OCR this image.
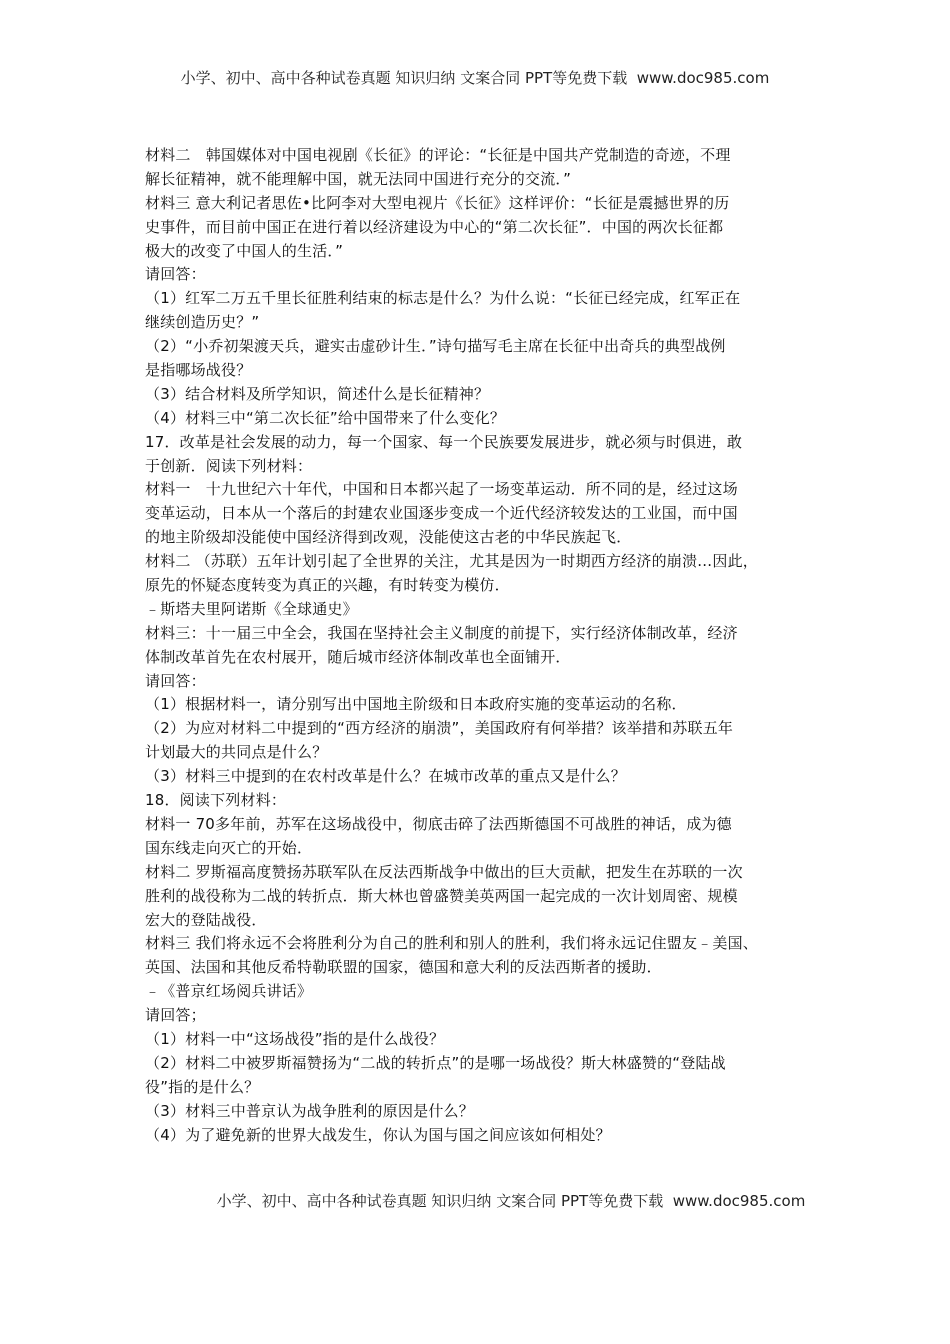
小学、初中、高中各种试卷真题 知识归纳 文案合同 PPT等免费下载  www.doc985.com
材料二　韩国媒体对中国电视剧《长征》的评论：“长征是中国共产党制造的奇迹，不理
解长征精神，就不能理解中国，就无法同中国进行充分的交流．”
材料三 意大利记者思佐•比阿李对大型电视片《长征》这样评价：“长征是震撼世界的历
史事件，而目前中国正在进行着以经济建设为中心的“第二次长征”．中国的两次长征都
极大的改变了中国人的生活．”
请回答：
（1）红军二万五千里长征胜利结束的标志是什么？为什么说：“长征已经完成，红军正在
继续创造历史？”
（2）“小乔初架渡天兵，避实击虚砂计生．”诗句描写毛主席在长征中出奇兵的典型战例
是指哪场战役？
（3）结合材料及所学知识，简述什么是长征精神？
（4）材料三中“第二次长征”给中国带来了什么变化？
17．改革是社会发展的动力，每一个国家、每一个民族要发展进步，就必须与时俱进，敢
于创新．阅读下列材料：
材料一　十九世纪六十年代，中国和日本都兴起了一场变革运动．所不同的是，经过这场
变革运动，日本从一个落后的封建农业国逐步变成一个近代经济较发达的工业国，而中国
的地主阶级却没能使中国经济得到改观，没能使这古老的中华民族起飞．
材料二 （苏联）五年计划引起了全世界的关注，尤其是因为一时期西方经济的崩溃…因此，
原先的怀疑态度转变为真正的兴趣，有时转变为模仿．
﹣斯塔夫里阿诺斯《全球通史》
材料三：十一届三中全会，我国在坚持社会主义制度的前提下，实行经济体制改革，经济
体制改革首先在农村展开，随后城市经济体制改革也全面铺开．
请回答：
（1）根据材料一，请分别写出中国地主阶级和日本政府实施的变革运动的名称．
（2）为应对材料二中提到的“西方经济的崩溃”，美国政府有何举措？该举措和苏联五年
计划最大的共同点是什么？
（3）材料三中提到的在农村改革是什么？在城市改革的重点又是什么？
18．阅读下列材料：
材料一 70多年前，苏军在这场战役中，彻底击碎了法西斯德国不可战胜的神话，成为德
国东线走向灭亡的开始．
材料二 罗斯福高度赞扬苏联军队在反法西斯战争中做出的巨大贡献，把发生在苏联的一次
胜利的战役称为二战的转折点．斯大林也曾盛赞美英两国一起完成的一次计划周密、规模
宏大的登陆战役．
材料三 我们将永远不会将胜利分为自己的胜利和别人的胜利，我们将永远记住盟友﹣美国、
英国、法国和其他反希特勒联盟的国家，德国和意大利的反法西斯者的援助．
﹣《普京红场阅兵讲话》
请回答；
（1）材料一中“这场战役”指的是什么战役？
（2）材料二中被罗斯福赞扬为“二战的转折点”的是哪一场战役？斯大林盛赞的“登陆战
役”指的是什么？
（3）材料三中普京认为战争胜利的原因是什么？
（4）为了避免新的世界大战发生，你认为国与国之间应该如何相处？
小学、初中、高中各种试卷真题 知识归纳 文案合同 PPT等免费下载  www.doc985.com
